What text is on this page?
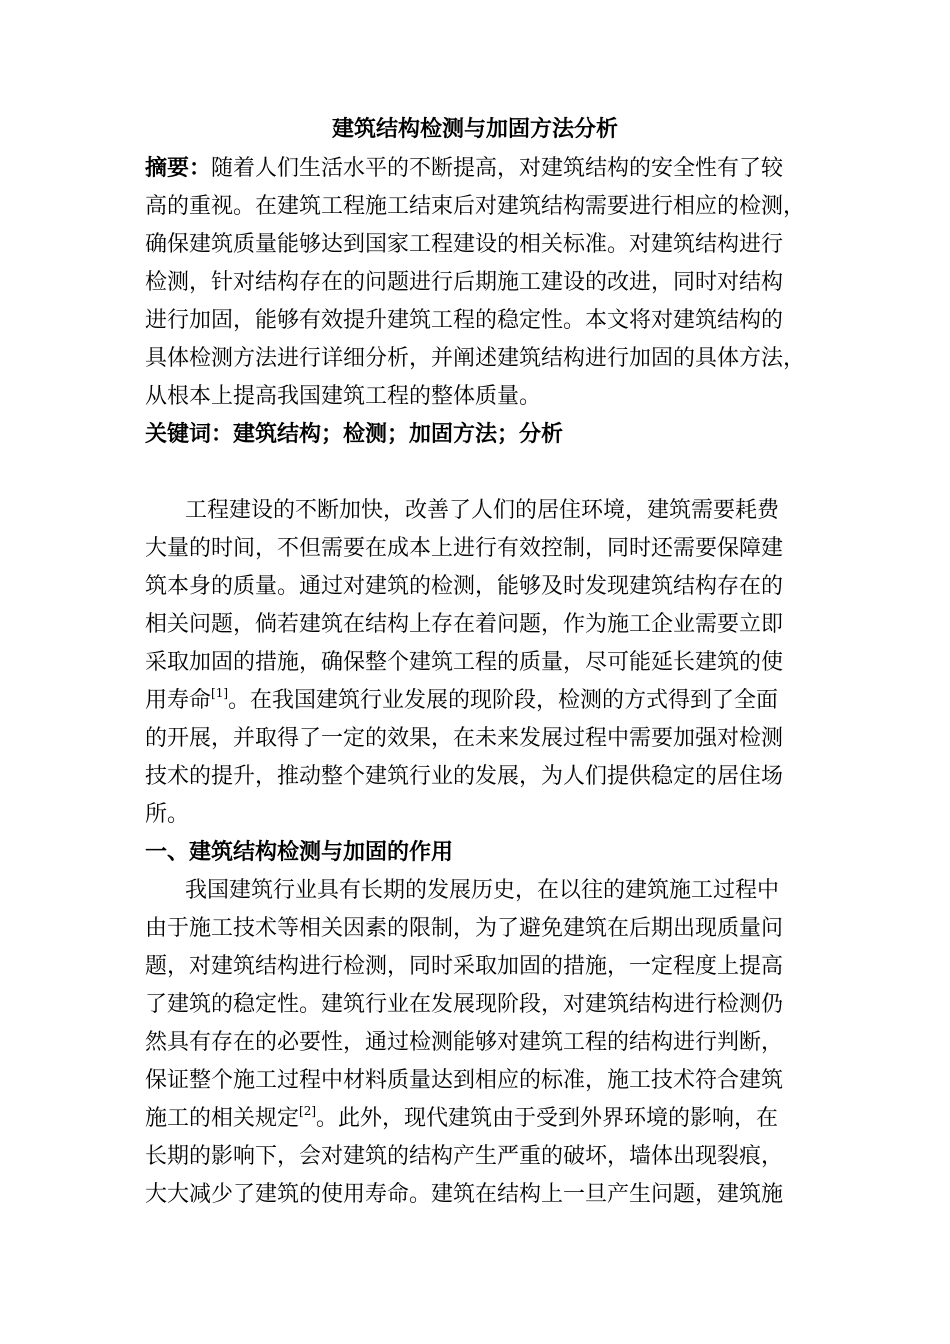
建筑结构检测与加固方法分析
摘要：随着人们生活水平的不断提高，对建筑结构的安全性有了较
高的重视。在建筑工程施工结束后对建筑结构需要进行相应的检测，
确保建筑质量能够达到国家工程建设的相关标准。对建筑结构进行
检测，针对结构存在的问题进行后期施工建设的改进，同时对结构
进行加固，能够有效提升建筑工程的稳定性。本文将对建筑结构的
具体检测方法进行详细分析，并阐述建筑结构进行加固的具体方法，
从根本上提高我国建筑工程的整体质量。
关键词：建筑结构；检测；加固方法；分析
工程建设的不断加快，改善了人们的居住环境，建筑需要耗费
大量的时间，不但需要在成本上进行有效控制，同时还需要保障建
筑本身的质量。通过对建筑的检测，能够及时发现建筑结构存在的
相关问题，倘若建筑在结构上存在着问题，作为施工企业需要立即
采取加固的措施，确保整个建筑工程的质量，尽可能延长建筑的使
用寿命[1]。在我国建筑行业发展的现阶段，检测的方式得到了全面
的开展，并取得了一定的效果，在未来发展过程中需要加强对检测
技术的提升，推动整个建筑行业的发展，为人们提供稳定的居住场
所。
一、建筑结构检测与加固的作用
我国建筑行业具有长期的发展历史，在以往的建筑施工过程中
由于施工技术等相关因素的限制，为了避免建筑在后期出现质量问
题，对建筑结构进行检测，同时采取加固的措施，一定程度上提高
了建筑的稳定性。建筑行业在发展现阶段，对建筑结构进行检测仍
然具有存在的必要性，通过检测能够对建筑工程的结构进行判断，
保证整个施工过程中材料质量达到相应的标准，施工技术符合建筑
施工的相关规定[2]。此外，现代建筑由于受到外界环境的影响，在
长期的影响下，会对建筑的结构产生严重的破坏，墙体出现裂痕，
大大减少了建筑的使用寿命。建筑在结构上一旦产生问题，建筑施
